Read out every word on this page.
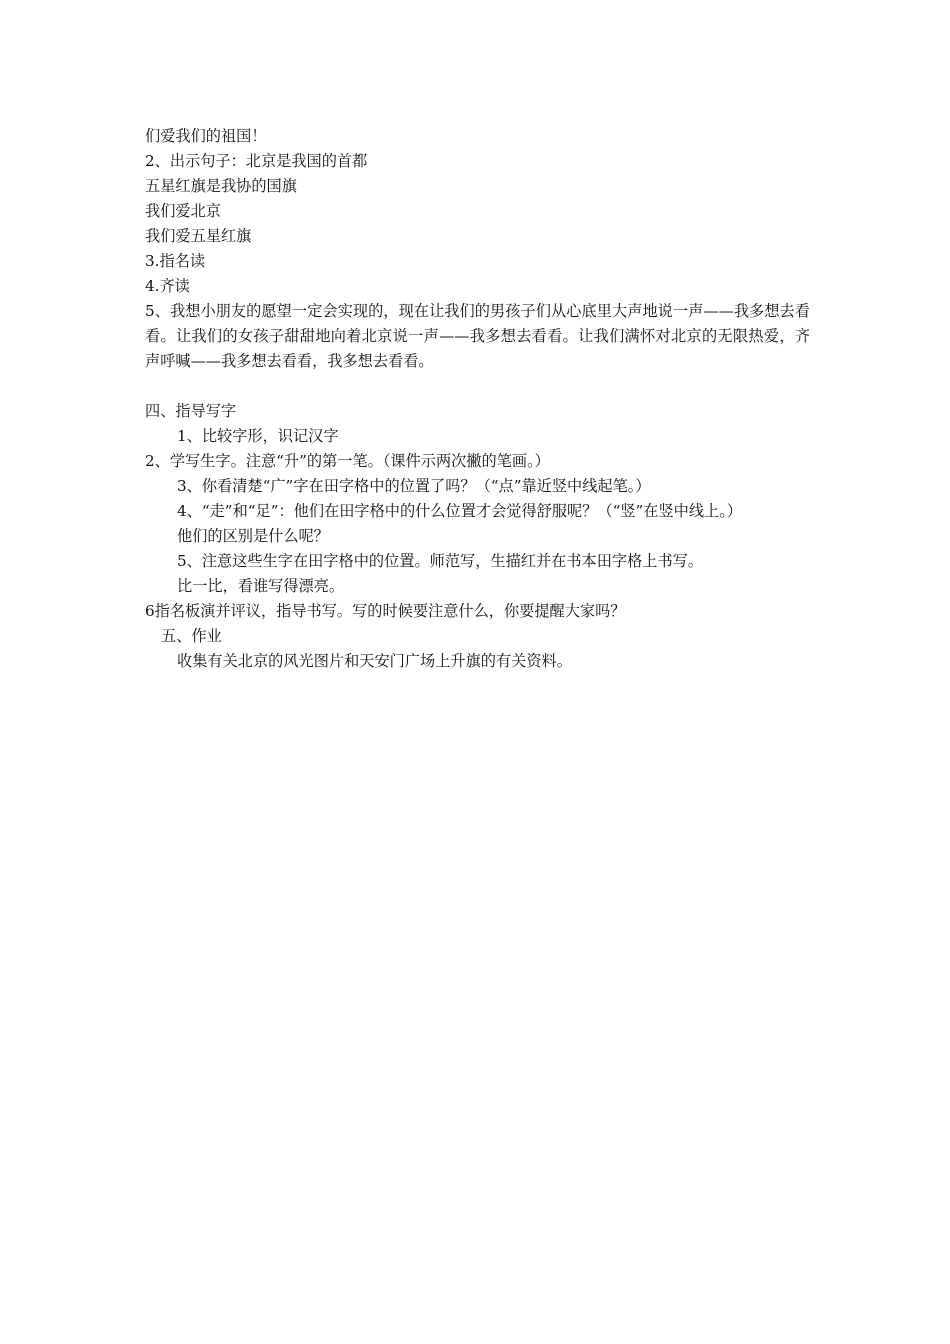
们爱我们的祖国！
2、出示句子：北京是我国的首都
五星红旗是我协的国旗
我们爱北京
我们爱五星红旗
3.指名读
4.齐读
5、我想小朋友的愿望一定会实现的，现在让我们的男孩子们从心底里大声地说一声——我多想去看看。让我们的女孩子甜甜地向着北京说一声——我多想去看看。让我们满怀对北京的无限热爱，齐声呼喊——我多想去看看，我多想去看看。
四、指导写字
1、比较字形，识记汉字
2、学写生字。注意“升”的第一笔。（课件示两次撇的笔画。）
3、你看清楚“广”字在田字格中的位置了吗？（“点”靠近竖中线起笔。）
4、“走”和“足”：他们在田字格中的什么位置才会觉得舒服呢？（“竖”在竖中线上。）
他们的区别是什么呢？
5、注意这些生字在田字格中的位置。师范写，生描红并在书本田字格上书写。
比一比，看谁写得漂亮。
6指名板演并评议，指导书写。写的时候要注意什么，你要提醒大家吗？
五、作业
收集有关北京的风光图片和天安门广场上升旗的有关资料。
